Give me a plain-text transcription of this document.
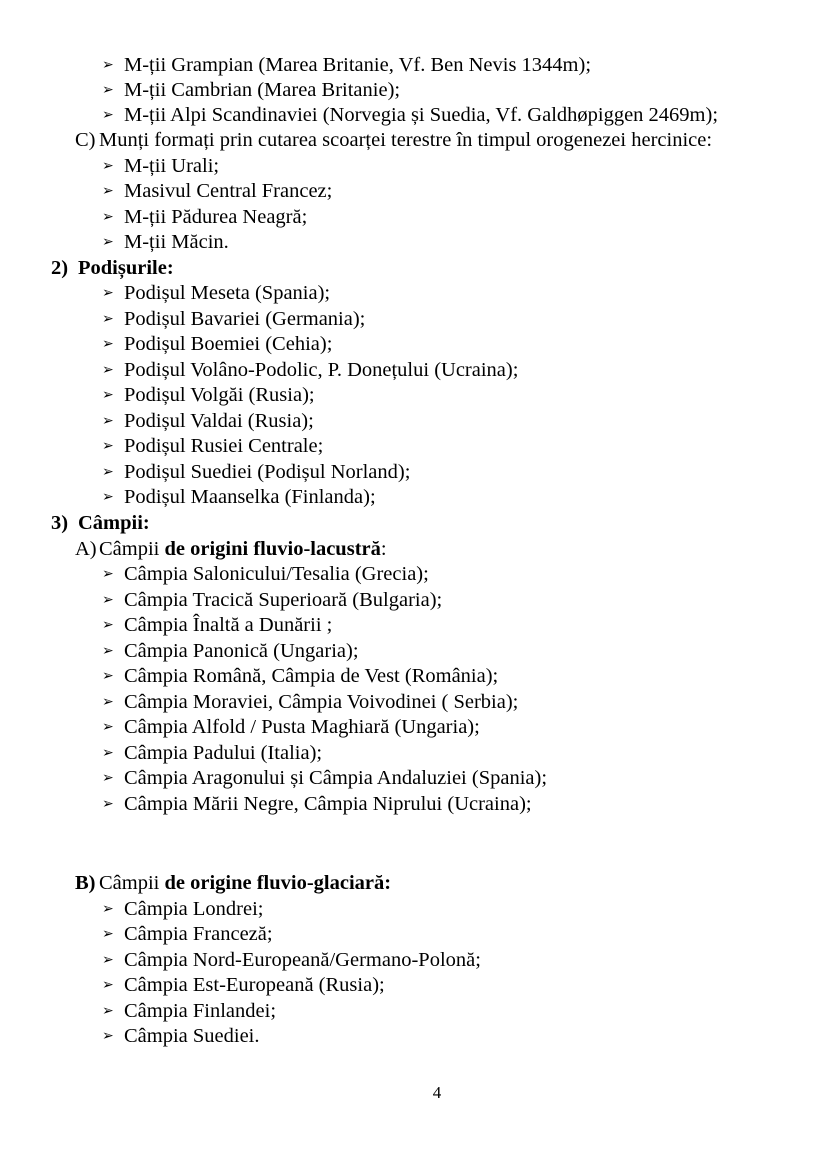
➢ M-ții Grampian (Marea Britanie, Vf. Ben Nevis 1344m);
➢ M-ții Cambrian (Marea Britanie);
➢ M-ții Alpi Scandinaviei (Norvegia și Suedia, Vf. Galdhøpiggen 2469m);
C) Munți formați prin cutarea scoarței terestre în timpul orogenezei hercinice:
➢ M-ții Urali;
➢ Masivul Central Francez;
➢ M-ții Pădurea Neagră;
➢ M-ții Măcin.
2) Podișurile:
➢ Podișul Meseta (Spania);
➢ Podișul Bavariei (Germania);
➢ Podișul Boemiei (Cehia);
➢ Podișul Volâno-Podolic, P. Donețului (Ucraina);
➢ Podișul Volgăi (Rusia);
➢ Podișul Valdai (Rusia);
➢ Podișul Rusiei Centrale;
➢ Podișul Suediei (Podișul Norland);
➢ Podișul Maanselka (Finlanda);
3) Câmpii:
A) Câmpii de origini fluvio-lacustră:
➢ Câmpia Salonicului/Tesalia (Grecia);
➢ Câmpia Tracică Superioară (Bulgaria);
➢ Câmpia Înaltă a Dunării ;
➢ Câmpia Panonică (Ungaria);
➢ Câmpia Română, Câmpia de Vest (România);
➢ Câmpia Moraviei, Câmpia Voivodinei ( Serbia);
➢ Câmpia Alfold / Pusta Maghiară (Ungaria);
➢ Câmpia Padului (Italia);
➢ Câmpia Aragonului și Câmpia Andaluziei (Spania);
➢ Câmpia Mării Negre, Câmpia Niprului (Ucraina);
B) Câmpii de origine fluvio-glaciară:
➢ Câmpia Londrei;
➢ Câmpia Franceză;
➢ Câmpia Nord-Europeană/Germano-Polonă;
➢ Câmpia Est-Europeană (Rusia);
➢ Câmpia Finlandei;
➢ Câmpia Suediei.
4
